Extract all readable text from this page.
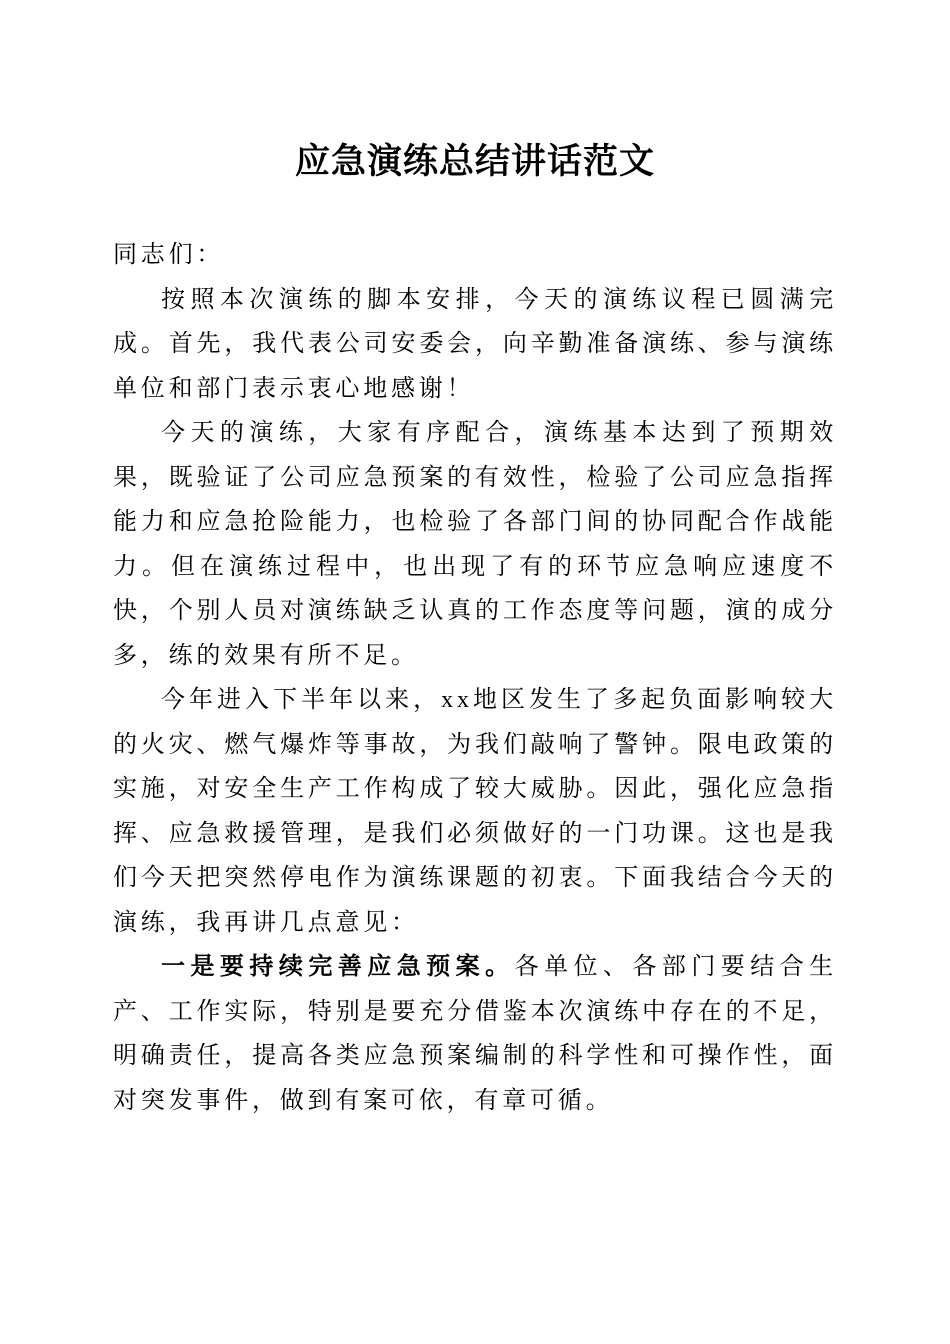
应急演练总结讲话范文

同志们：

按照本次演练的脚本安排，今天的演练议程已圆满完成。首先，我代表公司安委会，向辛勤准备演练、参与演练单位和部门表示衷心地感谢！

今天的演练，大家有序配合，演练基本达到了预期效果，既验证了公司应急预案的有效性，检验了公司应急指挥能力和应急抢险能力，也检验了各部门间的协同配合作战能力。但在演练过程中，也出现了有的环节应急响应速度不快，个别人员对演练缺乏认真的工作态度等问题，演的成分多，练的效果有所不足。

今年进入下半年以来，xx地区发生了多起负面影响较大的火灾、燃气爆炸等事故，为我们敲响了警钟。限电政策的实施，对安全生产工作构成了较大威胁。因此，强化应急指挥、应急救援管理，是我们必须做好的一门功课。这也是我们今天把突然停电作为演练课题的初衷。下面我结合今天的演练，我再讲几点意见：

一是要持续完善应急预案。各单位、各部门要结合生产、工作实际，特别是要充分借鉴本次演练中存在的不足，明确责任，提高各类应急预案编制的科学性和可操作性，面对突发事件，做到有案可依，有章可循。
